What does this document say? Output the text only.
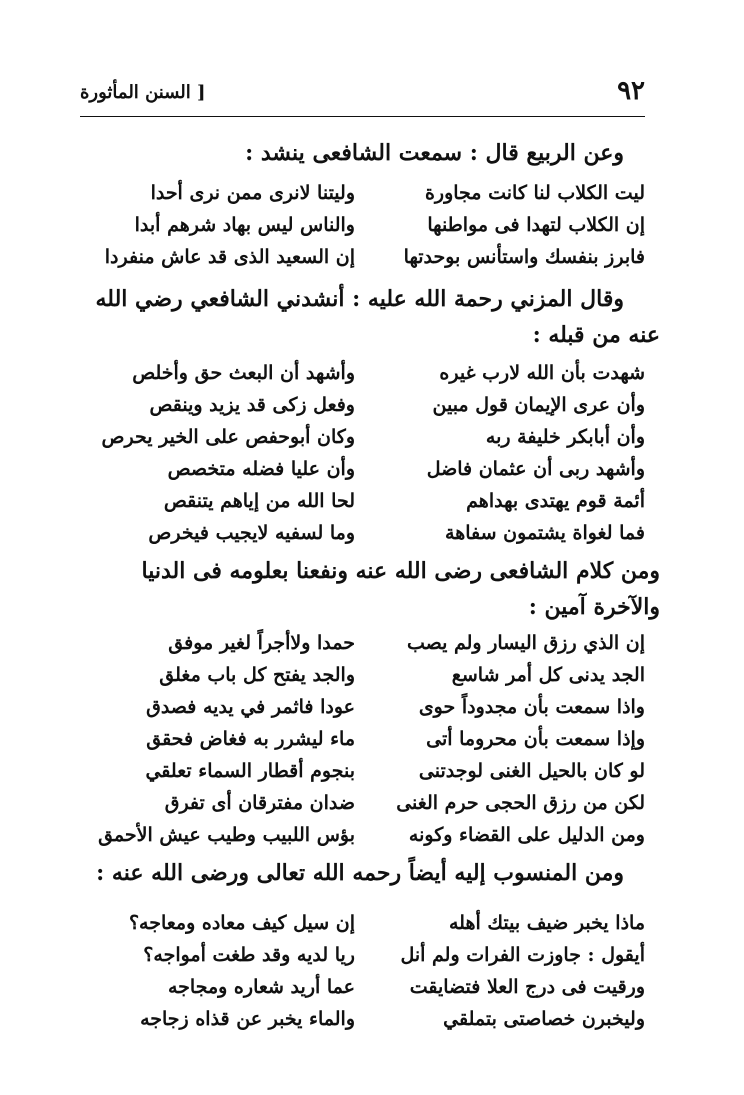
٩٢
[ السنن المأثورة
وعن الربيع قال : سمعت الشافعى ينشد :
ليت الكلاب لنا كانت مجاورة
وليتنا لانرى ممن نرى أحدا
إن الكلاب لتهدا فى مواطنها
والناس ليس بهاد شرهم أبدا
فابرز بنفسك واستأنس بوحدتها
إن السعيد الذى قد عاش منفردا
وقال المزني رحمة الله عليه : أنشدني الشافعي رضي الله
عنه من قبله :
شهدت بأن الله لارب غيره
وأشهد أن البعث حق وأخلص
وأن عرى الإيمان قول مبين
وفعل زكى قد يزيد وينقص
وأن أبابكر خليفة ربه
وكان أبوحفص على الخير يحرص
وأشهد ربى أن عثمان فاضل
وأن عليا فضله متخصص
أئمة قوم يهتدى بهداهم
لحا الله من إياهم يتنقص
فما لغواة يشتمون سفاهة
وما لسفيه لايجيب فيخرص
ومن كلام الشافعى رضى الله عنه ونفعنا بعلومه فى الدنيا
والآخرة آمين :
إن الذي رزق اليسار ولم يصب
حمدا ولاأجراً لغير موفق
الجد يدنى كل أمر شاسع
والجد يفتح كل باب مغلق
واذا سمعت بأن مجدوداً حوى
عودا فاثمر في يديه فصدق
وإذا سمعت بأن محروما أتى
ماء ليشرر به فغاض فحقق
لو كان بالحيل الغنى لوجدتنى
بنجوم أقطار السماء تعلقي
لكن من رزق الحجى حرم الغنى
ضدان مفترقان أى تفرق
ومن الدليل على القضاء وكونه
بؤس اللبيب وطيب عيش الأحمق
ومن المنسوب إليه أيضاً رحمه الله تعالى ورضى الله عنه :
ماذا يخبر ضيف بيتك أهله
إن سيل كيف معاده ومعاجه؟
أيقول : جاوزت الفرات ولم أنل
ريا لديه وقد طغت أمواجه؟
ورقيت فى درج العلا فتضايقت
عما أريد شعاره ومجاجه
وليخبرن خصاصتى بتملقي
والماء يخبر عن قذاه زجاجه
